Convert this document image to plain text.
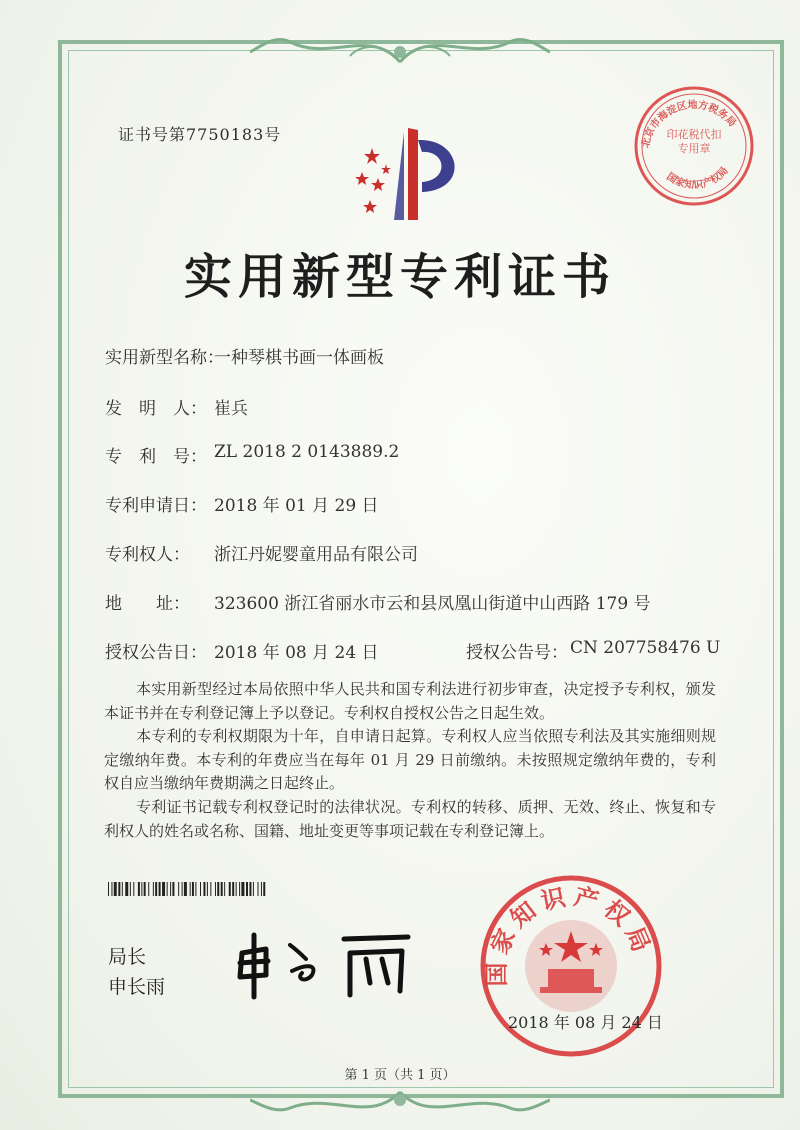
证书号第7750183号	北京市海淀区地方税务局
国家知识产权局
印花税代扣专用章
实用新型专利证书
实用新型名称：
一种琴棋书画一体画板
发　明　人： 崔兵
专　利　号： ZL 2018 2 0143889.2
专利申请日： 2018 年 01 月 29 日
专利权人： 浙江丹妮婴童用品有限公司
地　　址： 323600 浙江省丽水市云和县凤凰山街道中山西路 179 号
授权公告日： 2018 年 08 月 24 日	授权公告号： CN 207758476 U
本实用新型经过本局依照中华人民共和国专利法进行初步审查，决定授予专利权，颁发本证书并在专利登记簿上予以登记。专利权自授权公告之日起生效。
本专利的专利权期限为十年，自申请日起算。专利权人应当依照专利法及其实施细则规定缴纳年费。本专利的年费应当在每年 01 月 29 日前缴纳。未按照规定缴纳年费的，专利权自应当缴纳年费期满之日起终止。
专利证书记载专利权登记时的法律状况。专利权的转移、质押、无效、终止、恢复和专利权人的姓名或名称、国籍、地址变更等事项记载在专利登记簿上。
局长
申长雨
国家知识产权局
2018 年 08 月 24 日
第 1 页（共 1 页）
